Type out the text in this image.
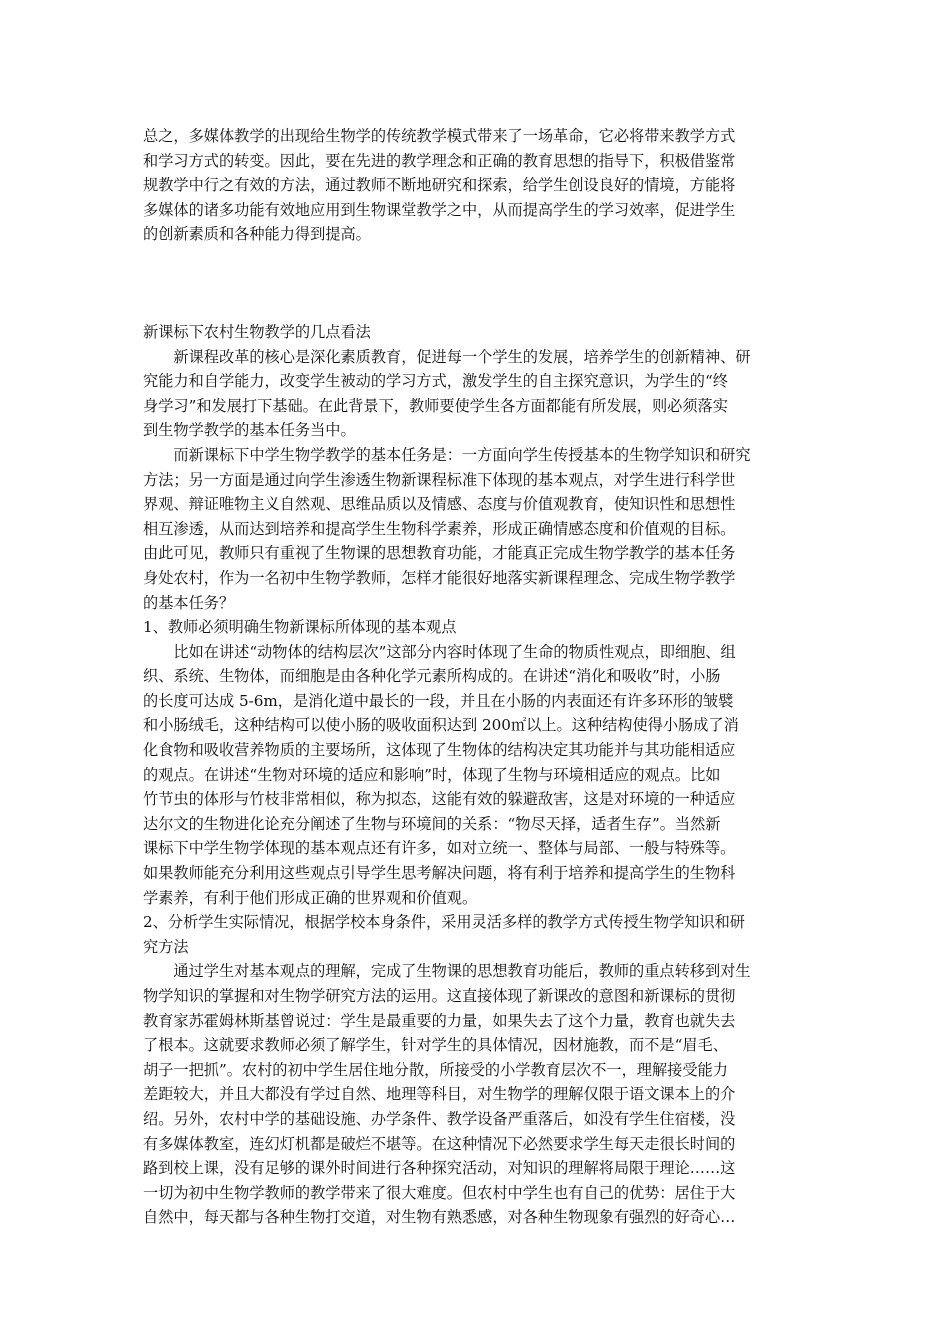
总之，多媒体教学的出现给生物学的传统教学模式带来了一场革命，它必将带来教学方式
和学习方式的转变。因此，要在先进的教学理念和正确的教育思想的指导下，积极借鉴常
规教学中行之有效的方法，通过教师不断地研究和探索，给学生创设良好的情境，方能将
多媒体的诸多功能有效地应用到生物课堂教学之中，从而提高学生的学习效率，促进学生
的创新素质和各种能力得到提高。
新课标下农村生物教学的几点看法
　　新课程改革的核心是深化素质教育，促进每一个学生的发展，培养学生的创新精神、研
究能力和自学能力，改变学生被动的学习方式，激发学生的自主探究意识，为学生的“终
身学习”和发展打下基础。在此背景下，教师要使学生各方面都能有所发展，则必须落实
到生物学教学的基本任务当中。
　　而新课标下中学生物学教学的基本任务是：一方面向学生传授基本的生物学知识和研究
方法；另一方面是通过向学生渗透生物新课程标准下体现的基本观点，对学生进行科学世
界观、辩证唯物主义自然观、思维品质以及情感、态度与价值观教育，使知识性和思想性
相互渗透，从而达到培养和提高学生生物科学素养，形成正确情感态度和价值观的目标。
由此可见，教师只有重视了生物课的思想教育功能，才能真正完成生物学教学的基本任务
身处农村，作为一名初中生物学教师，怎样才能很好地落实新课程理念、完成生物学教学
的基本任务？
1、教师必须明确生物新课标所体现的基本观点
　　比如在讲述“动物体的结构层次”这部分内容时体现了生命的物质性观点，即细胞、组
织、系统、生物体，而细胞是由各种化学元素所构成的。在讲述“消化和吸收”时，小肠
的长度可达成 5-6m，是消化道中最长的一段，并且在小肠的内表面还有许多环形的皱襞
和小肠绒毛，这种结构可以使小肠的吸收面积达到 200㎡以上。这种结构使得小肠成了消
化食物和吸收营养物质的主要场所，这体现了生物体的结构决定其功能并与其功能相适应
的观点。在讲述“生物对环境的适应和影响”时，体现了生物与环境相适应的观点。比如
竹节虫的体形与竹枝非常相似，称为拟态，这能有效的躲避敌害，这是对环境的一种适应
达尔文的生物进化论充分阐述了生物与环境间的关系：“物尽天择，适者生存”。当然新
课标下中学生物学体现的基本观点还有许多，如对立统一、整体与局部、一般与特殊等。
如果教师能充分利用这些观点引导学生思考解决问题，将有利于培养和提高学生的生物科
学素养，有利于他们形成正确的世界观和价值观。
2、分析学生实际情况，根据学校本身条件，采用灵活多样的教学方式传授生物学知识和研
究方法
　　通过学生对基本观点的理解，完成了生物课的思想教育功能后，教师的重点转移到对生
物学知识的掌握和对生物学研究方法的运用。这直接体现了新课改的意图和新课标的贯彻
教育家苏霍姆林斯基曾说过：学生是最重要的力量，如果失去了这个力量，教育也就失去
了根本。这就要求教师必须了解学生，针对学生的具体情况，因材施教，而不是“眉毛、
胡子一把抓”。农村的初中学生居住地分散，所接受的小学教育层次不一，理解接受能力
差距较大，并且大都没有学过自然、地理等科目，对生物学的理解仅限于语文课本上的介
绍。另外，农村中学的基础设施、办学条件、教学设备严重落后，如没有学生住宿楼，没
有多媒体教室，连幻灯机都是破烂不堪等。在这种情况下必然要求学生每天走很长时间的
路到校上课，没有足够的课外时间进行各种探究活动，对知识的理解将局限于理论……这
一切为初中生物学教师的教学带来了很大难度。但农村中学生也有自己的优势：居住于大
自然中，每天都与各种生物打交道，对生物有熟悉感，对各种生物现象有强烈的好奇心…
